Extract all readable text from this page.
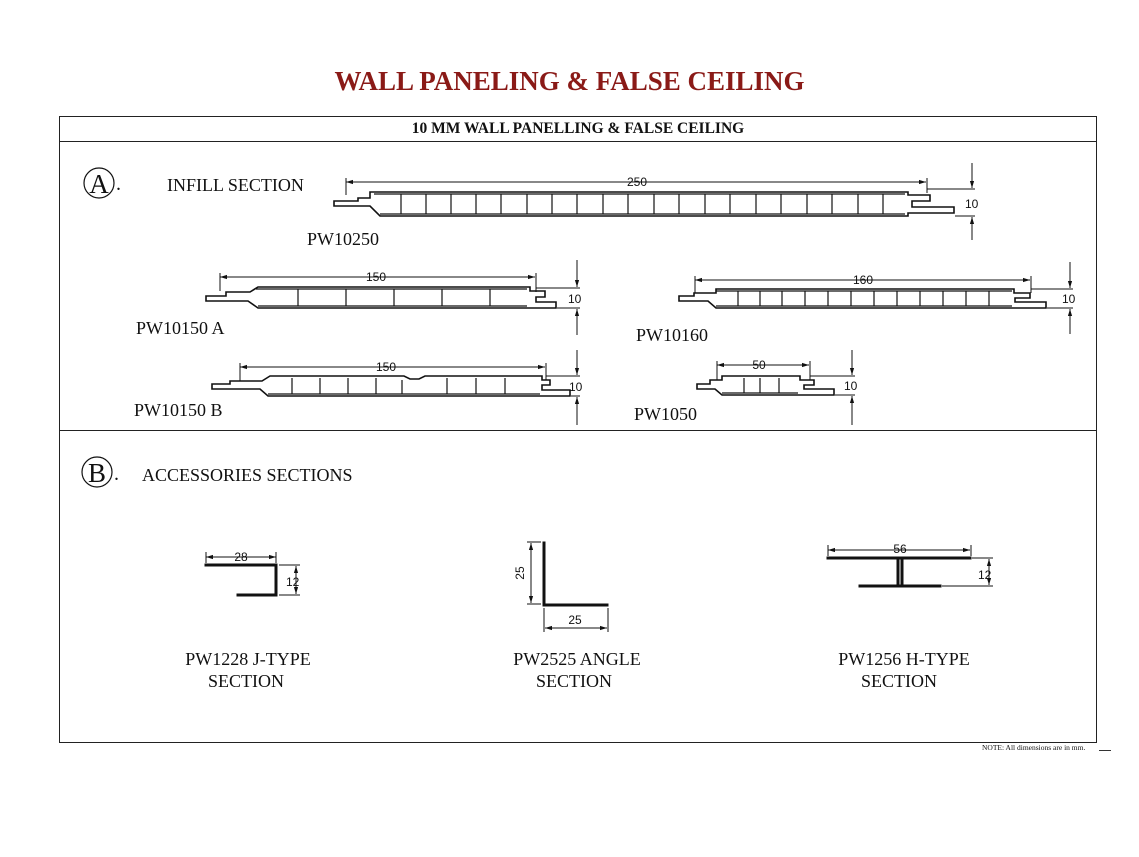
WALL PANELING & FALSE CEILING
10 MM WALL PANELLING & FALSE CEILING
A .	INFILL SECTION	250
10
PW10250
150
10
PW10150 A
160
10
PW10160
150
10
PW10150 B
50
10
PW1050
B . ACCESSORIES SECTIONS
28
12
PW1228 J-TYPE
SECTION
25
25
PW2525 ANGLE
SECTION
56
12
PW1256 H-TYPE
SECTION
NOTE: All dimensions are in mm.
